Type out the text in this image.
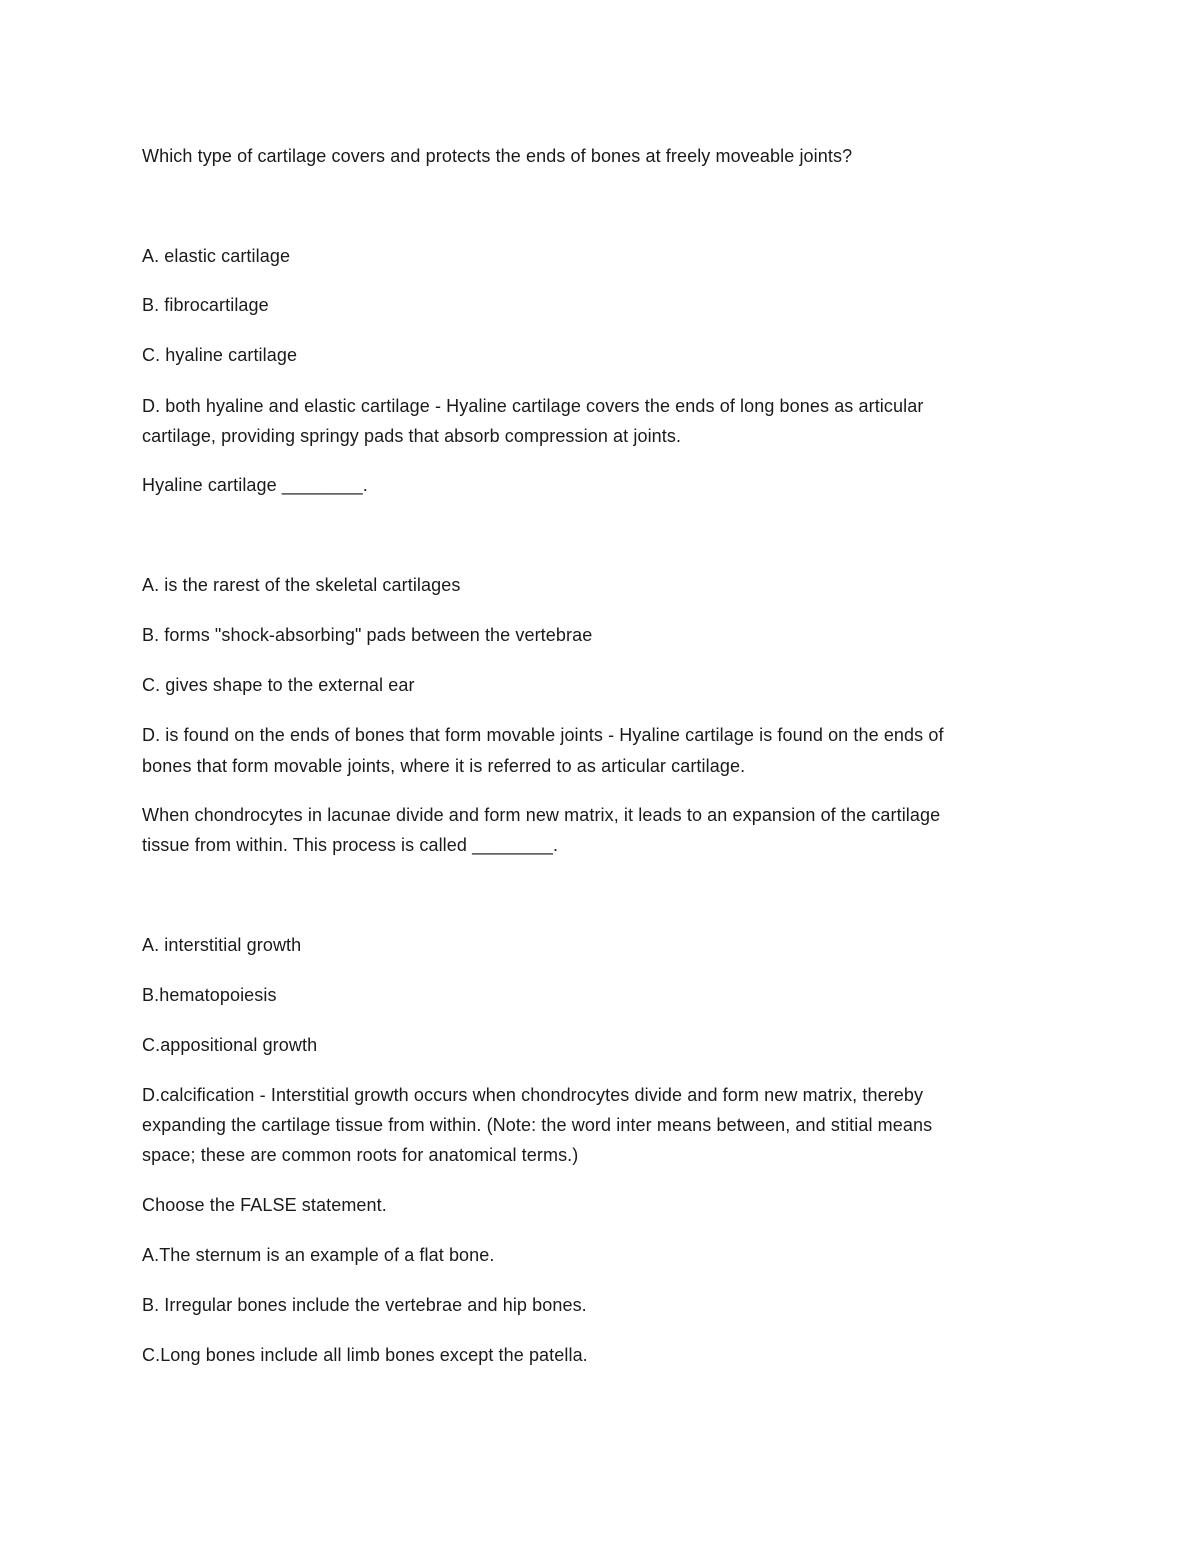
Which type of cartilage covers and protects the ends of bones at freely moveable joints?
A. elastic cartilage
B. fibrocartilage
C. hyaline cartilage
D. both hyaline and elastic cartilage - Hyaline cartilage covers the ends of long bones as articular
cartilage, providing springy pads that absorb compression at joints.
Hyaline cartilage ________.
A. is the rarest of the skeletal cartilages
B. forms "shock-absorbing" pads between the vertebrae
C. gives shape to the external ear
D. is found on the ends of bones that form movable joints - Hyaline cartilage is found on the ends of
bones that form movable joints, where it is referred to as articular cartilage.
When chondrocytes in lacunae divide and form new matrix, it leads to an expansion of the cartilage
tissue from within. This process is called ________.
A. interstitial growth
B.hematopoiesis
C.appositional growth
D.calcification - Interstitial growth occurs when chondrocytes divide and form new matrix, thereby
expanding the cartilage tissue from within. (Note: the word inter means between, and stitial means
space; these are common roots for anatomical terms.)
Choose the FALSE statement.
A.The sternum is an example of a flat bone.
B. Irregular bones include the vertebrae and hip bones.
C.Long bones include all limb bones except the patella.
